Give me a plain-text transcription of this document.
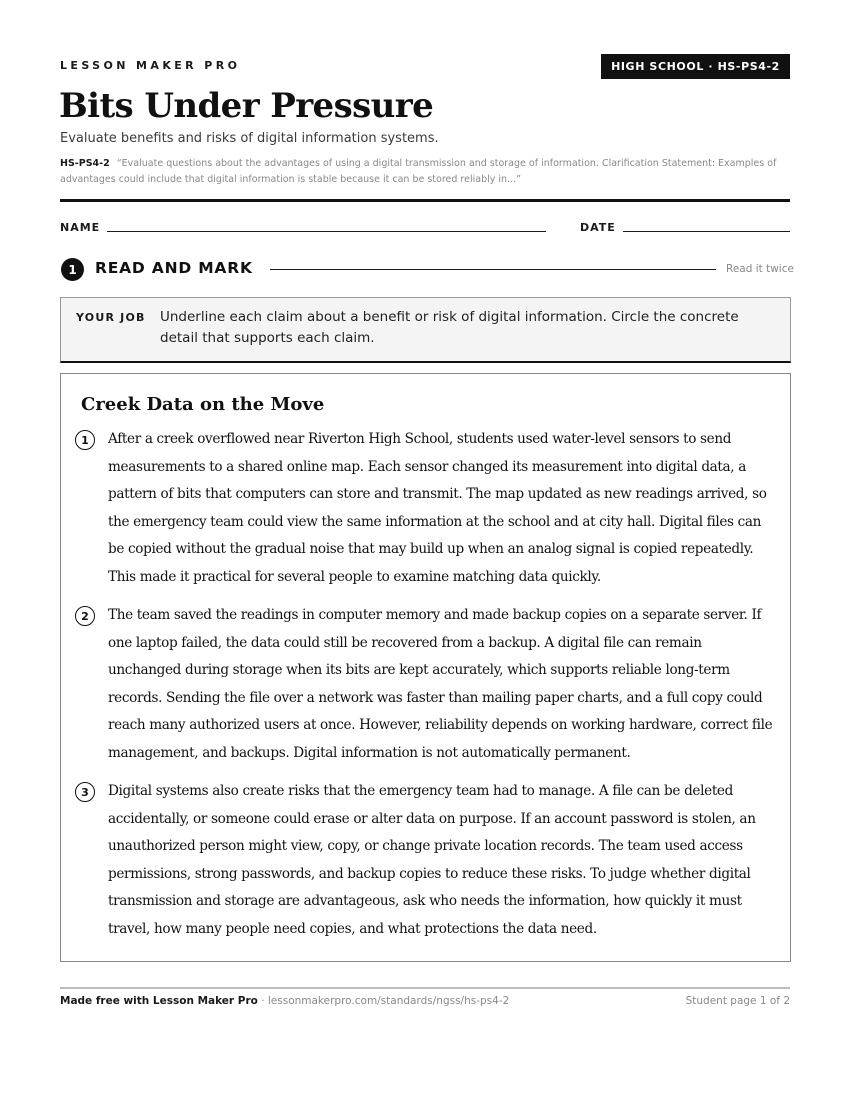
LESSON MAKER PRO	HIGH SCHOOL · HS-PS4-2
Bits Under Pressure
Evaluate benefits and risks of digital information systems.
HS-PS4-2 “Evaluate questions about the advantages of using a digital transmission and storage of information. Clarification Statement: Examples of advantages could include that digital information is stable because it can be stored reliably in...”
NAME	DATE
1	READ AND MARK	Read it twice
YOUR JOB Underline each claim about a benefit or risk of digital information. Circle the concrete detail that supports each claim.
Creek Data on the Move
1	After a creek overflowed near Riverton High School, students used water-level sensors to send measurements to a shared online map. Each sensor changed its measurement into digital data, a pattern of bits that computers can store and transmit. The map updated as new readings arrived, so the emergency team could view the same information at the school and at city hall. Digital files can be copied without the gradual noise that may build up when an analog signal is copied repeatedly. This made it practical for several people to examine matching data quickly.

2	The team saved the readings in computer memory and made backup copies on a separate server. If one laptop failed, the data could still be recovered from a backup. A digital file can remain unchanged during storage when its bits are kept accurately, which supports reliable long-term records. Sending the file over a network was faster than mailing paper charts, and a full copy could reach many authorized users at once. However, reliability depends on working hardware, correct file management, and backups. Digital information is not automatically permanent.

3	Digital systems also create risks that the emergency team had to manage. A file can be deleted accidentally, or someone could erase or alter data on purpose. If an account password is stolen, an unauthorized person might view, copy, or change private location records. The team used access permissions, strong passwords, and backup copies to reduce these risks. To judge whether digital transmission and storage are advantageous, ask who needs the information, how quickly it must travel, how many people need copies, and what protections the data need.

Made free with Lesson Maker Pro · lessonmakerpro.com/standards/ngss/hs-ps4-2	Student page 1 of 2
